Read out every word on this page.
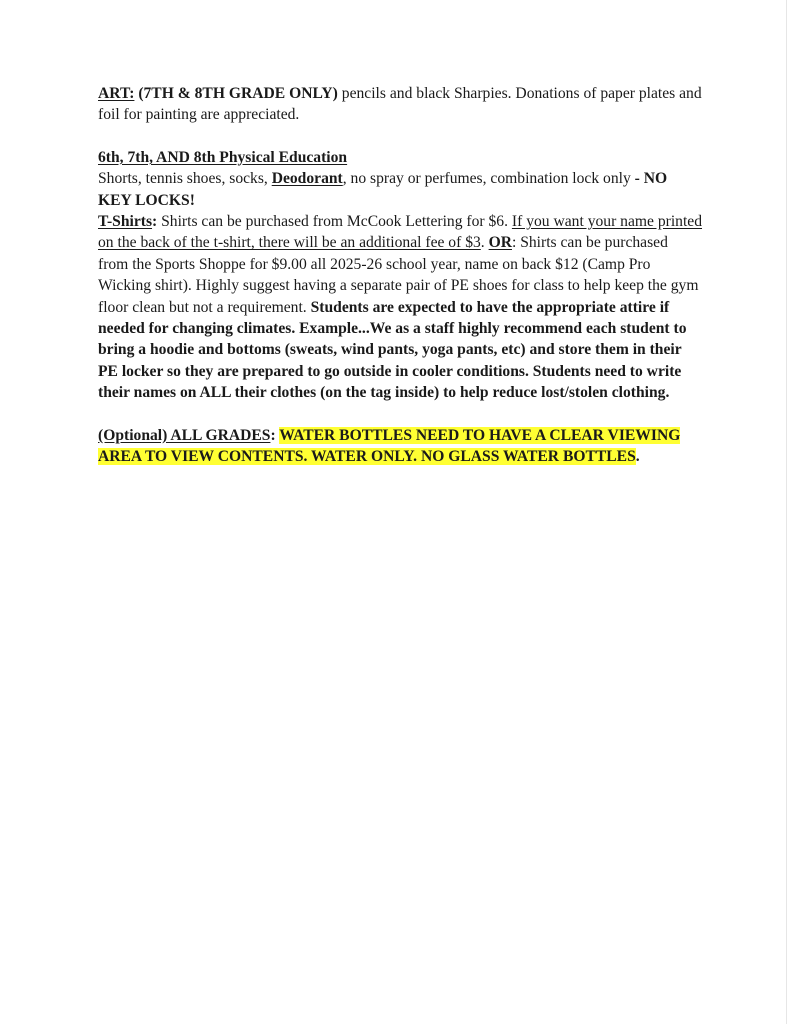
ART: (7TH & 8TH GRADE ONLY) pencils and black Sharpies. Donations of paper plates and foil for painting are appreciated.

6th, 7th, AND 8th Physical Education

Shorts, tennis shoes, socks, Deodorant, no spray or perfumes, combination lock only - NO KEY LOCKS!

T-Shirts: Shirts can be purchased from McCook Lettering for $6. If you want your name printed on the back of the t-shirt, there will be an additional fee of $3. OR: Shirts can be purchased from the Sports Shoppe for $9.00 all 2025-26 school year, name on back $12 (Camp Pro Wicking shirt). Highly suggest having a separate pair of PE shoes for class to help keep the gym floor clean but not a requirement. Students are expected to have the appropriate attire if needed for changing climates. Example...We as a staff highly recommend each student to bring a hoodie and bottoms (sweats, wind pants, yoga pants, etc) and store them in their PE locker so they are prepared to go outside in cooler conditions. Students need to write their names on ALL their clothes (on the tag inside) to help reduce lost/stolen clothing.

(Optional) ALL GRADES: WATER BOTTLES NEED TO HAVE A CLEAR VIEWING AREA TO VIEW CONTENTS. WATER ONLY. NO GLASS WATER BOTTLES.
